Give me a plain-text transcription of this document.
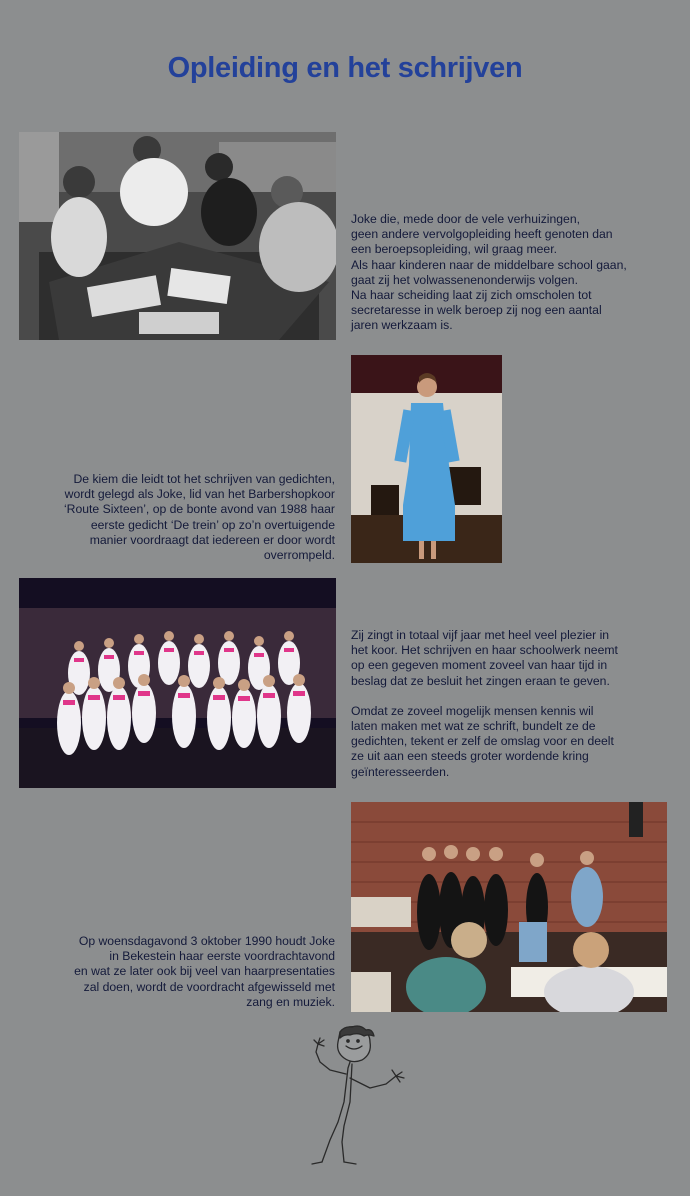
Opleiding en het schrijven

Joke die, mede door de vele verhuizingen,

geen andere vervolgopleiding heeft genoten dan

een beroepsopleiding, wil graag meer.

Als haar kinderen naar de middelbare school gaan,

gaat zij het volwassenenonderwijs volgen.

Na haar scheiding laat zij zich omscholen tot

secretaresse in welk beroep zij nog een aantal

jaren werkzaam is.

De kiem die leidt tot het schrijven van gedichten,

wordt gelegd als Joke, lid van het Barbershopkoor

‘Route Sixteen’, op de bonte avond van 1988 haar

eerste gedicht ‘De trein’ op zo’n overtuigende

manier voordraagt dat iedereen er door wordt

overrompeld.

Zij zingt in totaal vijf jaar met heel veel plezier in

het koor. Het schrijven en haar schoolwerk neemt

op een gegeven moment zoveel van haar tijd in

beslag dat ze besluit het zingen eraan te geven.

Omdat ze zoveel mogelijk mensen kennis wil

laten maken met wat ze schrift, bundelt ze de

gedichten, tekent er zelf de omslag voor en deelt

ze uit aan een steeds groter wordende kring

geïnteresseerden.

Op woensdagavond 3 oktober 1990 houdt Joke

in Bekestein haar eerste voordrachtavond

en wat ze later ook bij veel van haarpresentaties

zal doen, wordt de voordracht afgewisseld met

zang en muziek.
